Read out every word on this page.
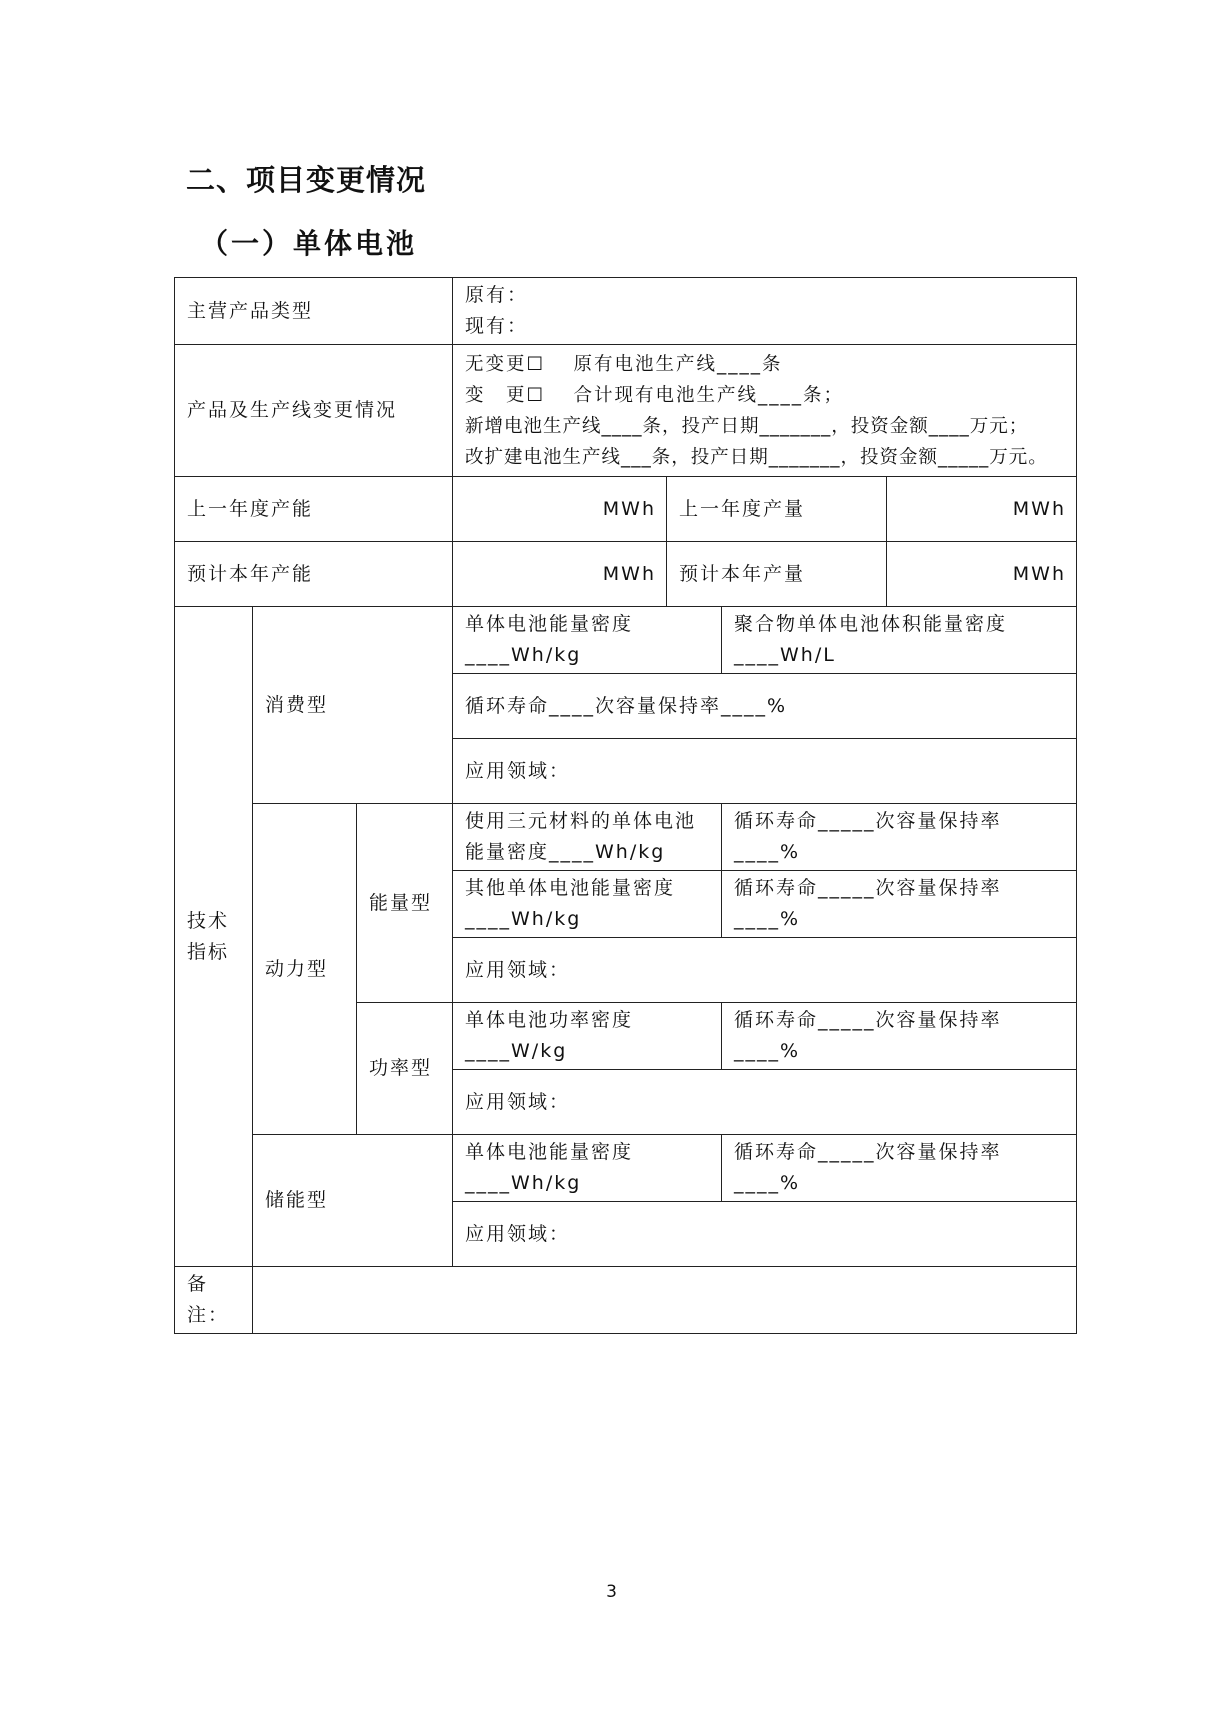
二、项目变更情况
（一）单体电池
主营产品类型			原有：
现有：			

产品及生产线变更情况			无变更☐　 原有电池生产线____条
变　更☐　 合计现有电池生产线____条；
新增电池生产线____条，投产日期_______，投资金额____万元；
改扩建电池生产线___条，投产日期_______，投资金额_____万元。			

上一年度产能			MWh	上一年度产量		MWh
预计本年产能			MWh	预计本年产量		MWh

技术指标	消费型		单体电池能量密度____Wh/kg		聚合物单体电池体积能量密度____Wh/L	
			循环寿命____次容量保持率____%			
			应用领域：			
	动力型	能量型	使用三元材料的单体电池能量密度____Wh/kg		循环寿命_____次容量保持率____%	
			其他单体电池能量密度____Wh/kg		循环寿命_____次容量保持率____%	
			应用领域：			
		功率型	单体电池功率密度____W/kg		循环寿命_____次容量保持率____%	
			应用领域：			
	储能型		单体电池能量密度____Wh/kg		循环寿命_____次容量保持率____%	
			应用领域：			
备注：						
3
